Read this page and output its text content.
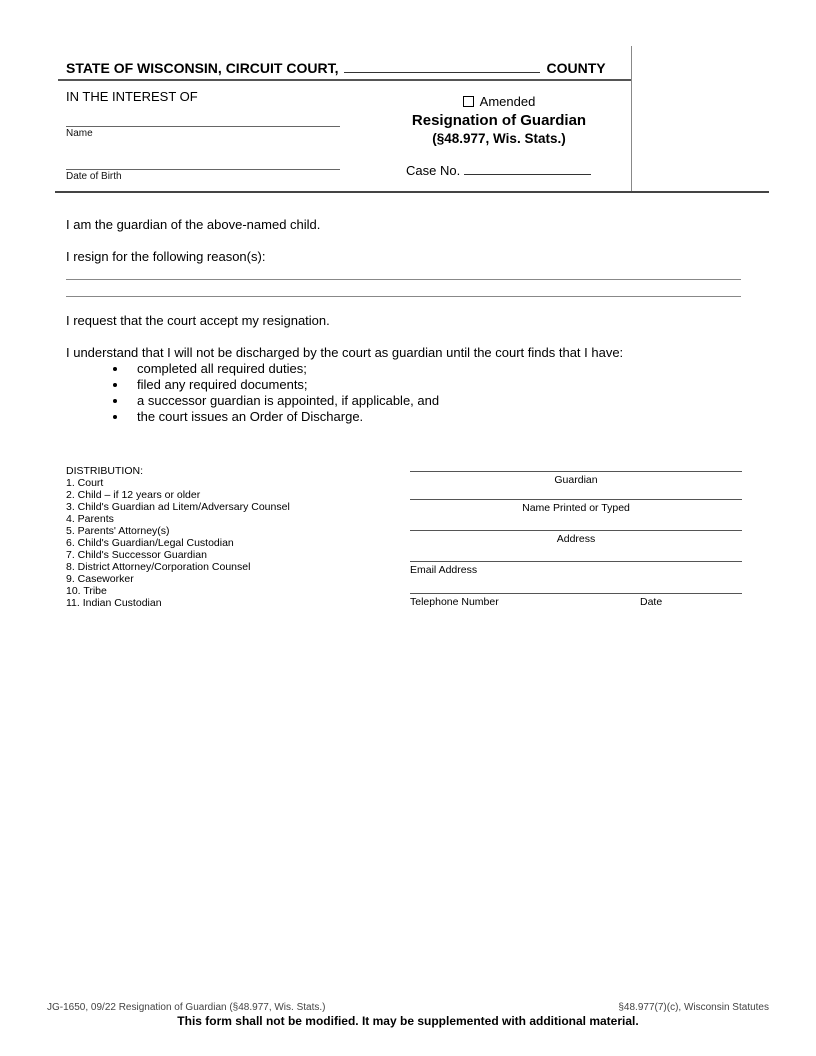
STATE OF WISCONSIN, CIRCUIT COURT,	COUNTY
IN THE INTEREST OF
Name
Date of Birth
Amended
Resignation of Guardian
(§48.977, Wis. Stats.)
Case No.
I am the guardian of the above-named child.
I resign for the following reason(s):
I request that the court accept my resignation.
I understand that I will not be discharged by the court as guardian until the court finds that I have:
• completed all required duties;
• filed any required documents;
• a successor guardian is appointed, if applicable, and
• the court issues an Order of Discharge.
DISTRIBUTION:
1. Court
2. Child – if 12 years or older
3. Child's Guardian ad Litem/Adversary Counsel
4. Parents
5. Parents' Attorney(s)
6. Child's Guardian/Legal Custodian
7. Child's Successor Guardian
8. District Attorney/Corporation Counsel
9. Caseworker
10. Tribe
11. Indian Custodian
Guardian
Name Printed or Typed
Address
Email Address
Telephone Number	Date
JG-1650, 09/22 Resignation of Guardian (§48.977, Wis. Stats.)	§48.977(7)(c), Wisconsin Statutes
This form shall not be modified. It may be supplemented with additional material.
